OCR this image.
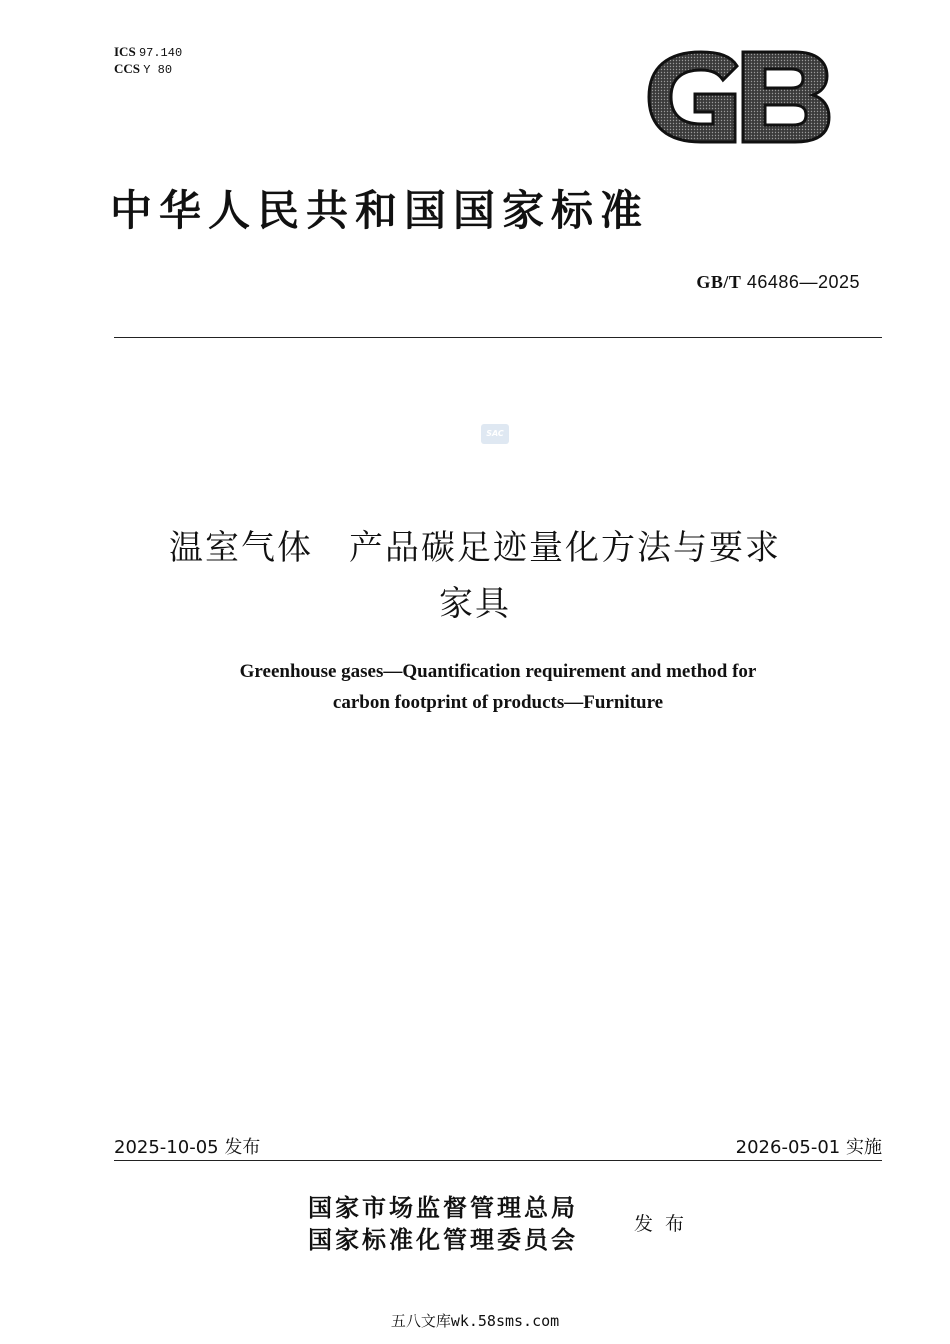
ICS 97.140
CCS Y 80
中华人民共和国国家标准
GB/T 46486—2025
SAC
温室气体　产品碳足迹量化方法与要求
家具
Greenhouse gases—Quantification requirement and method for
carbon footprint of products—Furniture
2025-10-05 发布	2026-05-01 实施
国家市场监督管理总局
国家标准化管理委员会
发布
五八文库wk.58sms.com
